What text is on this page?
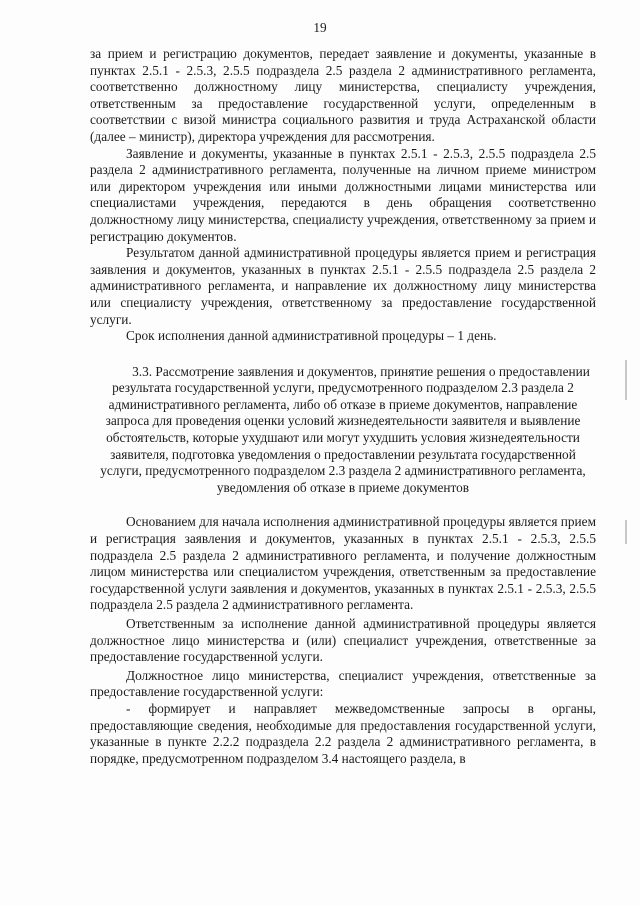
19

за прием и регистрацию документов, передает заявление и документы, указанные в пунктах 2.5.1 - 2.5.3, 2.5.5 подраздела 2.5 раздела 2 административного регламента, соответственно должностному лицу министерства, специалисту учреждения, ответственным за предоставление государственной услуги, определенным в соответствии с визой министра социального развития и труда Астраханской области (далее – министр), директора учреждения для рассмотрения.

Заявление и документы, указанные в пунктах 2.5.1 - 2.5.3, 2.5.5 подраздела 2.5 раздела 2 административного регламента, полученные на личном приеме министром или директором учреждения или иными должностными лицами министерства или специалистами учреждения, передаются в день обращения соответственно должностному лицу министерства, специалисту учреждения, ответственному за прием и регистрацию документов.

Результатом данной административной процедуры является прием и регистрация заявления и документов, указанных в пунктах 2.5.1 - 2.5.5 подраздела 2.5 раздела 2 административного регламента, и направление их должностному лицу министерства или специалисту учреждения, ответственному за предоставление государственной услуги.

Срок исполнения данной административной процедуры – 1 день.

3.3. Рассмотрение заявления и документов, принятие решения о предоставлении результата государственной услуги, предусмотренного подразделом 2.3 раздела 2 административного регламента, либо об отказе в приеме документов, направление запроса для проведения оценки условий жизнедеятельности заявителя и выявление обстоятельств, которые ухудшают или могут ухудшить условия жизнедеятельности заявителя, подготовка уведомления о предоставлении результата государственной услуги, предусмотренного подразделом 2.3 раздела 2 административного регламента, уведомления об отказе в приеме документов

Основанием для начала исполнения административной процедуры является прием и регистрация заявления и документов, указанных в пунктах 2.5.1 - 2.5.3, 2.5.5 подраздела 2.5 раздела 2 административного регламента, и получение должностным лицом министерства или специалистом учреждения, ответственным за предоставление государственной услуги заявления и документов, указанных в пунктах 2.5.1 - 2.5.3, 2.5.5 подраздела 2.5 раздела 2 административного регламента.

Ответственным за исполнение данной административной процедуры является должностное лицо министерства и (или) специалист учреждения, ответственные за предоставление государственной услуги.

Должностное лицо министерства, специалист учреждения, ответственные за предоставление государственной услуги:

- формирует и направляет межведомственные запросы в органы, предоставляющие сведения, необходимые для предоставления государственной услуги, указанные в пункте 2.2.2 подраздела 2.2 раздела 2 административного регламента, в порядке, предусмотренном подразделом 3.4 настоящего раздела, в
